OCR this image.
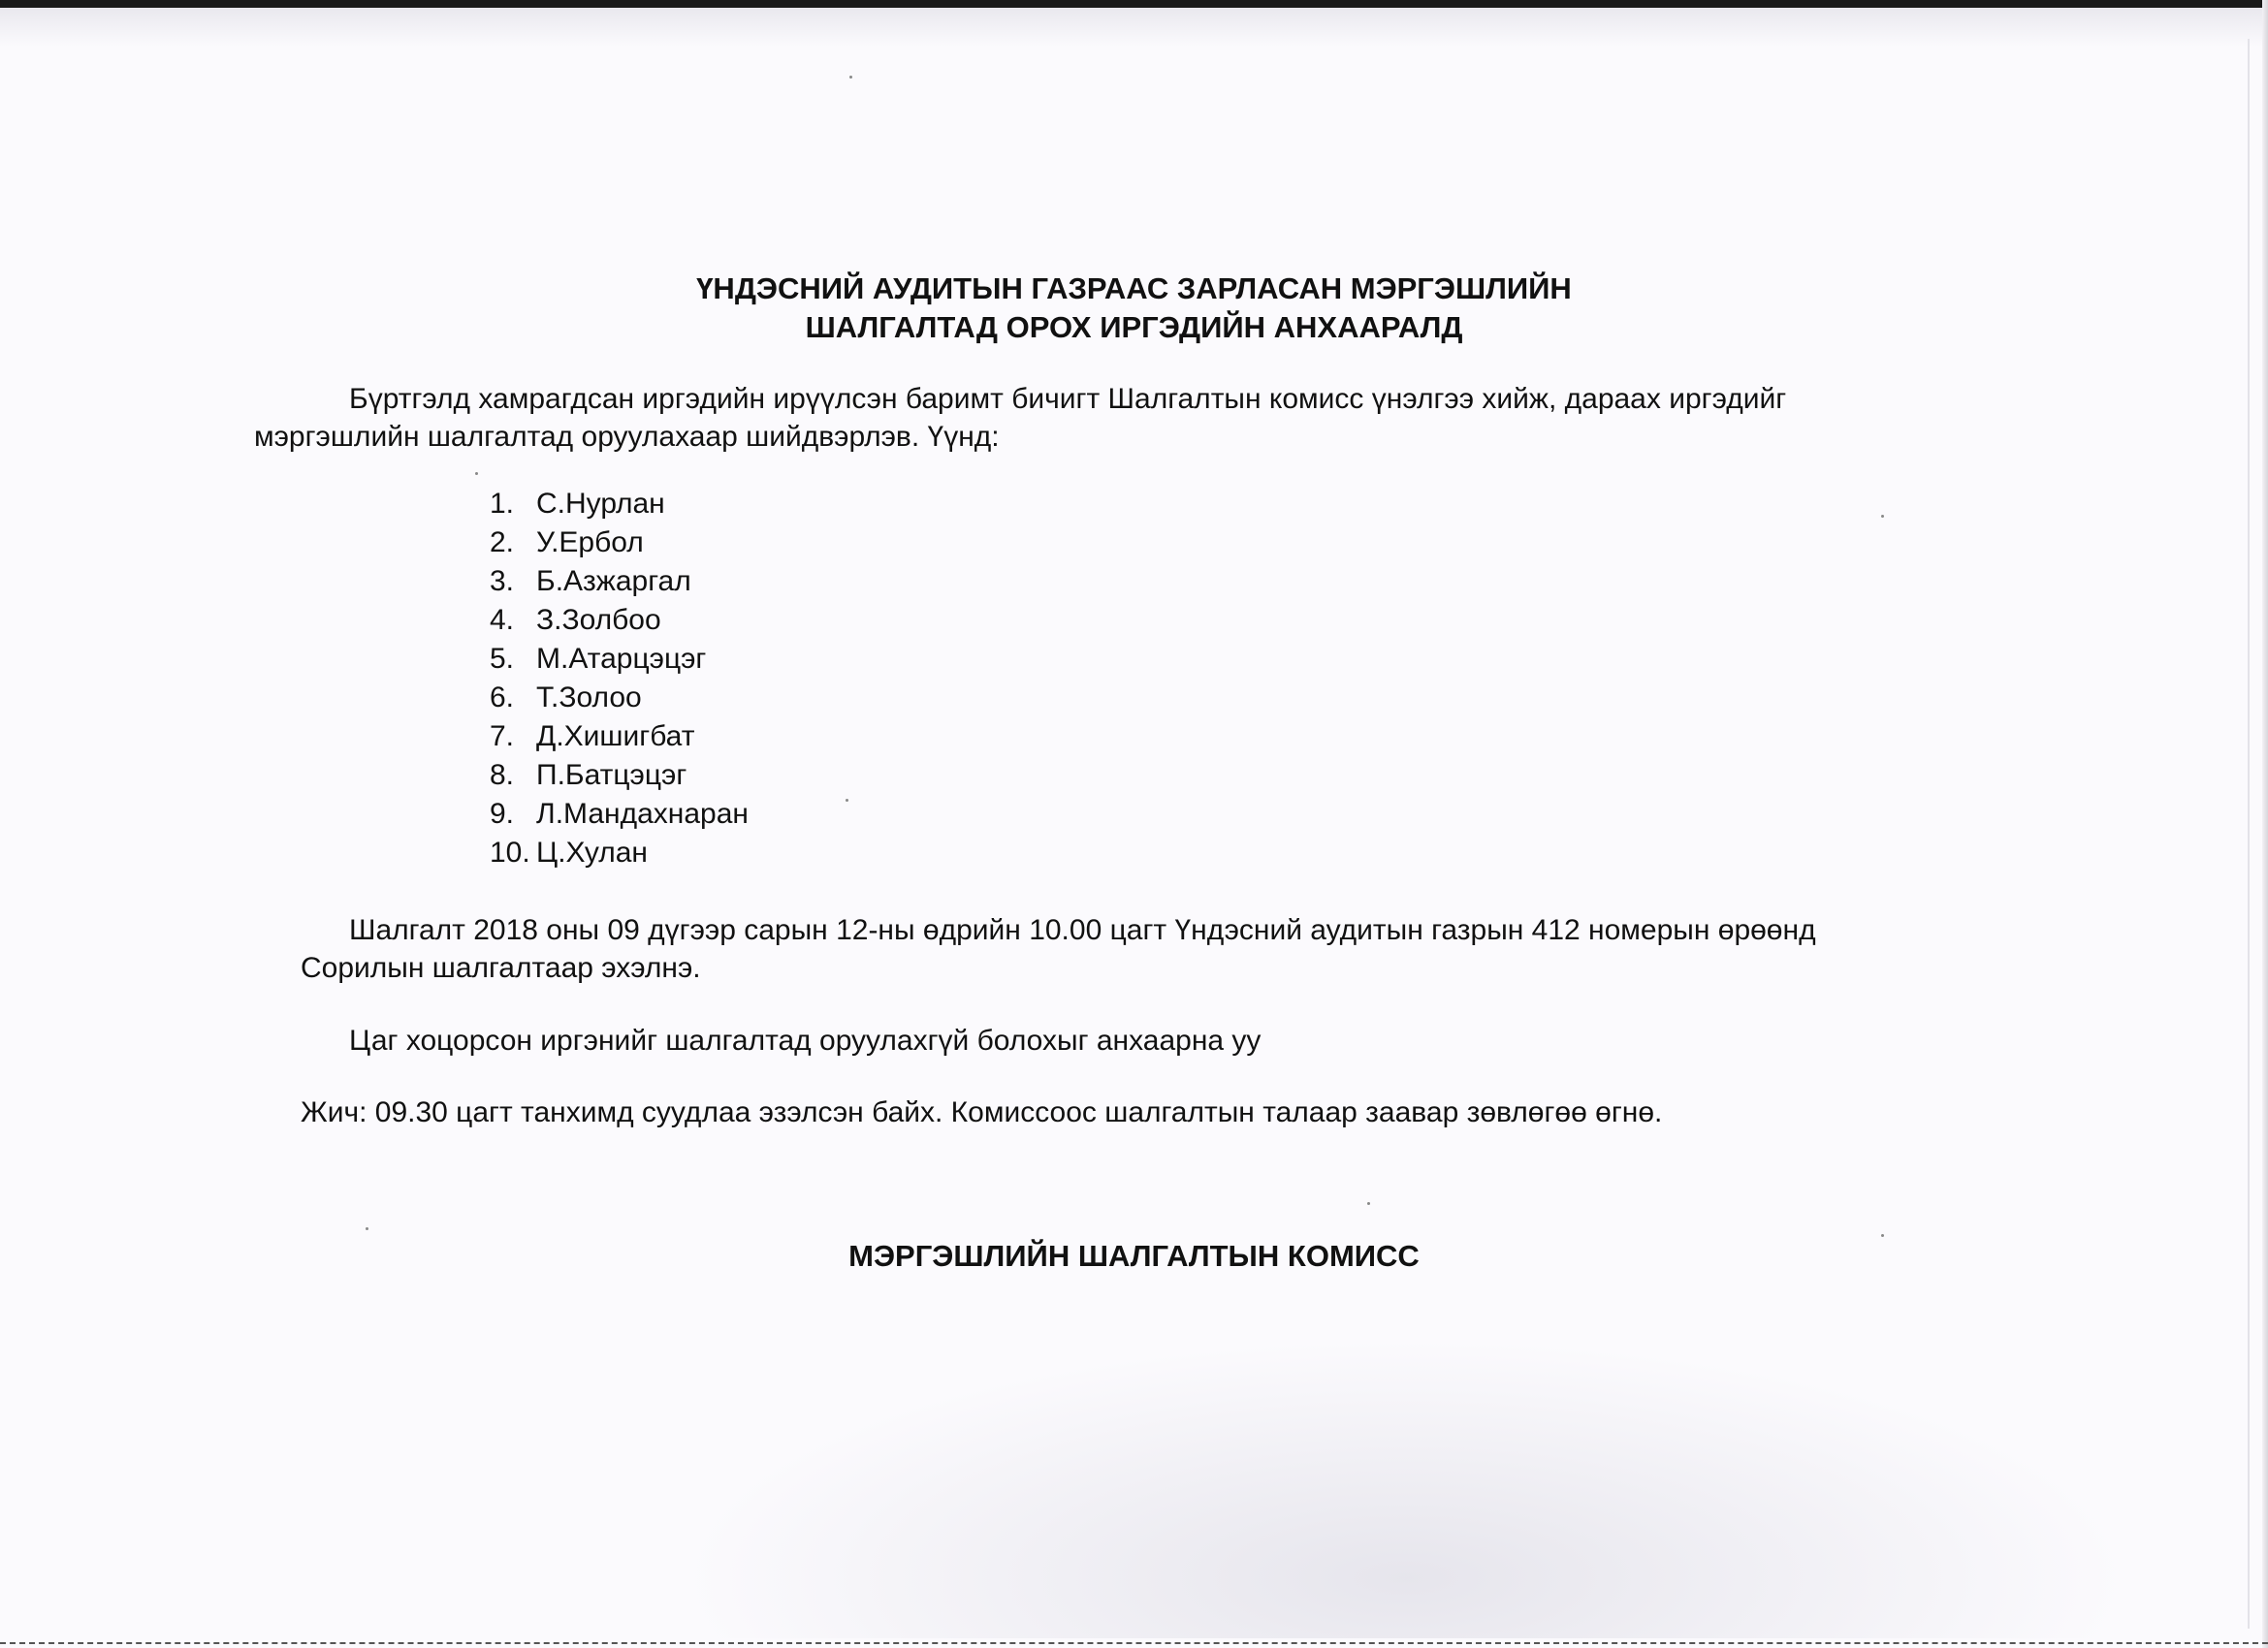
ҮНДЭСНИЙ АУДИТЫН ГАЗРААС ЗАРЛАСАН МЭРГЭШЛИЙН
ШАЛГАЛТАД ОРОХ ИРГЭДИЙН АНХААРАЛД
Бүртгэлд хамрагдсан иргэдийн ирүүлсэн баримт бичигт Шалгалтын комисс үнэлгээ хийж, дараах иргэдийг
мэргэшлийн шалгалтад оруулахаар шийдвэрлэв. Үүнд:
1. С.Нурлан
2. У.Ербол
3. Б.Азжаргал
4. З.Золбоо
5. М.Атарцэцэг
6. Т.Золоо
7. Д.Хишигбат
8. П.Батцэцэг
9. Л.Мандахнаран
10. Ц.Хулан
Шалгалт 2018 оны 09 дүгээр сарын 12-ны өдрийн 10.00 цагт Үндэсний аудитын газрын 412 номерын өрөөнд
Сорилын шалгалтаар эхэлнэ.
Цаг хоцорсон иргэнийг шалгалтад оруулахгүй болохыг анхаарна уу
Жич: 09.30 цагт танхимд суудлаа эзэлсэн байх. Комиссоос шалгалтын талаар заавар зөвлөгөө өгнө.
МЭРГЭШЛИЙН ШАЛГАЛТЫН КОМИСС
